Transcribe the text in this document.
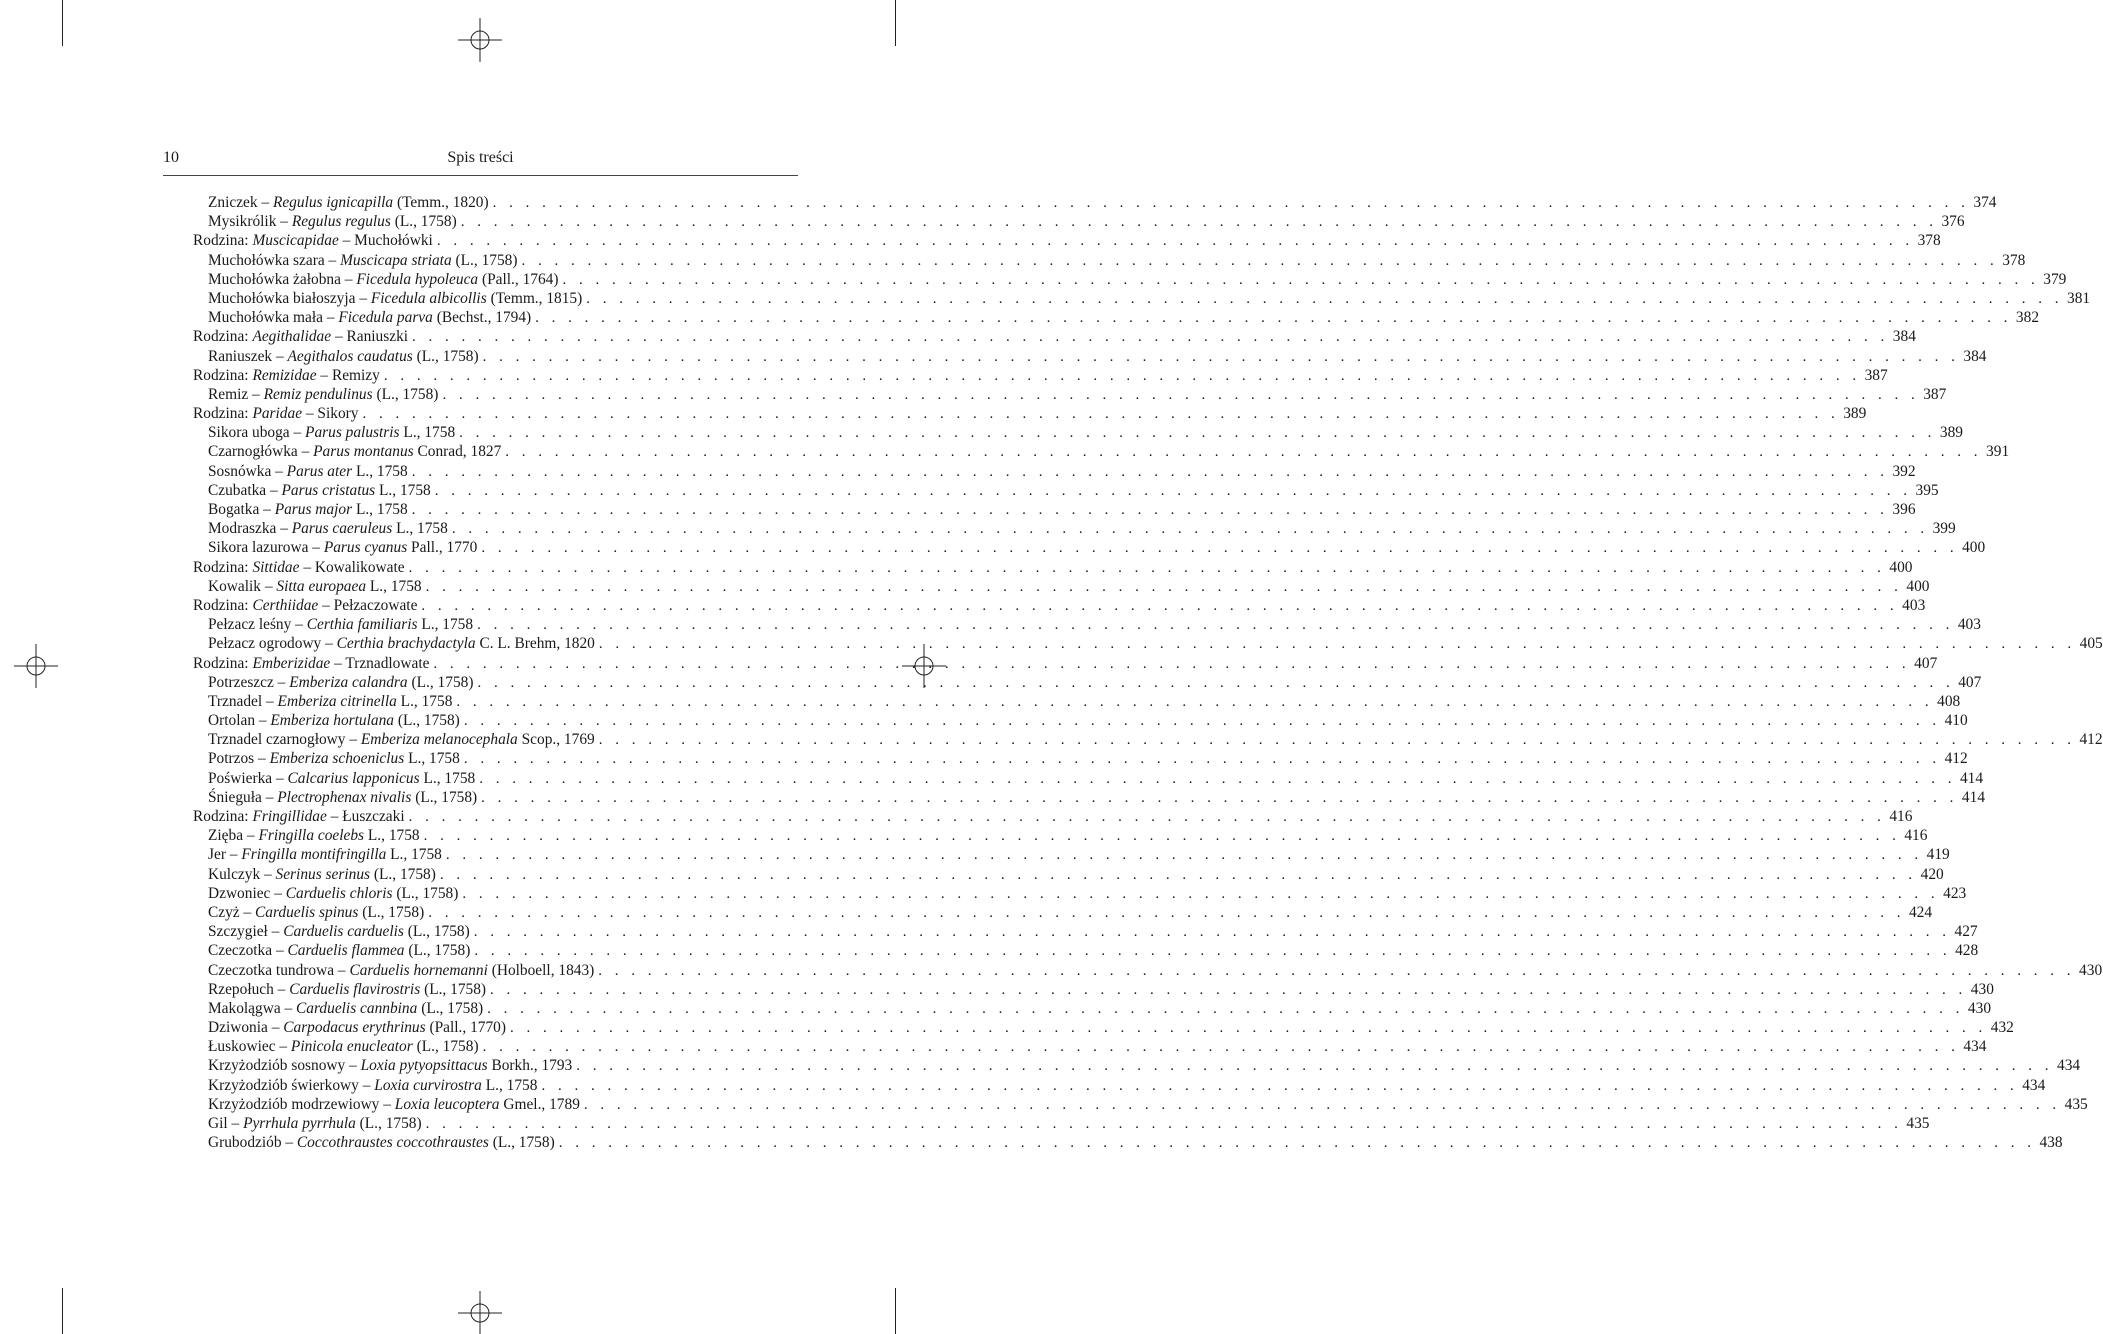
10	Spis treści
Zniczek – Regulus ignicapilla (Temm., 1820) . . . . . . . . . . . . . . . . . . . . . . . . . . . . . . . . . . . . . . . . . . . . . . . . . . . . . . . . . . . . . . . . . . . . . . . . . . . . . . . . . . . . . . . . . . 374
Mysikrólik – Regulus regulus (L., 1758) . . . . . . . . . . . . . . . . . . . . . . . . . . . . . . . . . . . . . . . . . . . . . . . . . . . . . . . . . . . . . . . . . . . . . . . . . . . . . . . . . . . . . . . . . . 376
Rodzina: Muscicapidae – Muchołówki . . . . . . . . . . . . . . . . . . . . . . . . . . . . . . . . . . . . . . . . . . . . . . . . . . . . . . . . . . . . . . . . . . . . . . . . . . . . . . . . . . . . . . . . . . 378
Muchołówka szara – Muscicapa striata (L., 1758) . . . . . . . . . . . . . . . . . . . . . . . . . . . . . . . . . . . . . . . . . . . . . . . . . . . . . . . . . . . . . . . . . . . . . . . . . . . . . . . . . . . . . . . . . . 378
Muchołówka żałobna – Ficedula hypoleuca (Pall., 1764) . . . . . . . . . . . . . . . . . . . . . . . . . . . . . . . . . . . . . . . . . . . . . . . . . . . . . . . . . . . . . . . . . . . . . . . . . . . . . . . . . . . . . . . . . . 379
Muchołówka białoszyja – Ficedula albicollis (Temm., 1815) . . . . . . . . . . . . . . . . . . . . . . . . . . . . . . . . . . . . . . . . . . . . . . . . . . . . . . . . . . . . . . . . . . . . . . . . . . . . . . . . . . . . . . . . . . 381
Muchołówka mała – Ficedula parva (Bechst., 1794) . . . . . . . . . . . . . . . . . . . . . . . . . . . . . . . . . . . . . . . . . . . . . . . . . . . . . . . . . . . . . . . . . . . . . . . . . . . . . . . . . . . . . . . . . . 382
Rodzina: Aegithalidae – Raniuszki . . . . . . . . . . . . . . . . . . . . . . . . . . . . . . . . . . . . . . . . . . . . . . . . . . . . . . . . . . . . . . . . . . . . . . . . . . . . . . . . . . . . . . . . . . 384
Raniuszek – Aegithalos caudatus (L., 1758) . . . . . . . . . . . . . . . . . . . . . . . . . . . . . . . . . . . . . . . . . . . . . . . . . . . . . . . . . . . . . . . . . . . . . . . . . . . . . . . . . . . . . . . . . . 384
Rodzina: Remizidae – Remizy . . . . . . . . . . . . . . . . . . . . . . . . . . . . . . . . . . . . . . . . . . . . . . . . . . . . . . . . . . . . . . . . . . . . . . . . . . . . . . . . . . . . . . . . . . 387
Remiz – Remiz pendulinus (L., 1758) . . . . . . . . . . . . . . . . . . . . . . . . . . . . . . . . . . . . . . . . . . . . . . . . . . . . . . . . . . . . . . . . . . . . . . . . . . . . . . . . . . . . . . . . . . 387
Rodzina: Paridae – Sikory . . . . . . . . . . . . . . . . . . . . . . . . . . . . . . . . . . . . . . . . . . . . . . . . . . . . . . . . . . . . . . . . . . . . . . . . . . . . . . . . . . . . . . . . . . 389
Sikora uboga – Parus palustris L., 1758 . . . . . . . . . . . . . . . . . . . . . . . . . . . . . . . . . . . . . . . . . . . . . . . . . . . . . . . . . . . . . . . . . . . . . . . . . . . . . . . . . . . . . . . . . . 389
Czarnogłówka – Parus montanus Conrad, 1827 . . . . . . . . . . . . . . . . . . . . . . . . . . . . . . . . . . . . . . . . . . . . . . . . . . . . . . . . . . . . . . . . . . . . . . . . . . . . . . . . . . . . . . . . . . 391
Sosnówka – Parus ater L., 1758 . . . . . . . . . . . . . . . . . . . . . . . . . . . . . . . . . . . . . . . . . . . . . . . . . . . . . . . . . . . . . . . . . . . . . . . . . . . . . . . . . . . . . . . . . . 392
Czubatka – Parus cristatus L., 1758 . . . . . . . . . . . . . . . . . . . . . . . . . . . . . . . . . . . . . . . . . . . . . . . . . . . . . . . . . . . . . . . . . . . . . . . . . . . . . . . . . . . . . . . . . . 395
Bogatka – Parus major L., 1758 . . . . . . . . . . . . . . . . . . . . . . . . . . . . . . . . . . . . . . . . . . . . . . . . . . . . . . . . . . . . . . . . . . . . . . . . . . . . . . . . . . . . . . . . . . 396
Modraszka – Parus caeruleus L., 1758 . . . . . . . . . . . . . . . . . . . . . . . . . . . . . . . . . . . . . . . . . . . . . . . . . . . . . . . . . . . . . . . . . . . . . . . . . . . . . . . . . . . . . . . . . . 399
Sikora lazurowa – Parus cyanus Pall., 1770 . . . . . . . . . . . . . . . . . . . . . . . . . . . . . . . . . . . . . . . . . . . . . . . . . . . . . . . . . . . . . . . . . . . . . . . . . . . . . . . . . . . . . . . . . . 400
Rodzina: Sittidae – Kowalikowate . . . . . . . . . . . . . . . . . . . . . . . . . . . . . . . . . . . . . . . . . . . . . . . . . . . . . . . . . . . . . . . . . . . . . . . . . . . . . . . . . . . . . . . . . . 400
Kowalik – Sitta europaea L., 1758 . . . . . . . . . . . . . . . . . . . . . . . . . . . . . . . . . . . . . . . . . . . . . . . . . . . . . . . . . . . . . . . . . . . . . . . . . . . . . . . . . . . . . . . . . . 400
Rodzina: Certhiidae – Pełzaczowate . . . . . . . . . . . . . . . . . . . . . . . . . . . . . . . . . . . . . . . . . . . . . . . . . . . . . . . . . . . . . . . . . . . . . . . . . . . . . . . . . . . . . . . . . . 403
Pełzacz leśny – Certhia familiaris L., 1758 . . . . . . . . . . . . . . . . . . . . . . . . . . . . . . . . . . . . . . . . . . . . . . . . . . . . . . . . . . . . . . . . . . . . . . . . . . . . . . . . . . . . . . . . . . 403
Pełzacz ogrodowy – Certhia brachydactyla C. L. Brehm, 1820 . . . . . . . . . . . . . . . . . . . . . . . . . . . . . . . . . . . . . . . . . . . . . . . . . . . . . . . . . . . . . . . . . . . . . . . . . . . . . . . . . . . . . . . . . . 405
Rodzina: Emberizidae – Trznadlowate . . . . . . . . . . . . . . . . . . . . . . . . . . . . . . . . . . . . . . . . . . . . . . . . . . . . . . . . . . . . . . . . . . . . . . . . . . . . . . . . . . . . . . . . . . 407
Potrzeszcz – Emberiza calandra (L., 1758) . . . . . . . . . . . . . . . . . . . . . . . . . . . . . . . . . . . . . . . . . . . . . . . . . . . . . . . . . . . . . . . . . . . . . . . . . . . . . . . . . . . . . . . . . . 407
Trznadel – Emberiza citrinella L., 1758 . . . . . . . . . . . . . . . . . . . . . . . . . . . . . . . . . . . . . . . . . . . . . . . . . . . . . . . . . . . . . . . . . . . . . . . . . . . . . . . . . . . . . . . . . . 408
Ortolan – Emberiza hortulana (L., 1758) . . . . . . . . . . . . . . . . . . . . . . . . . . . . . . . . . . . . . . . . . . . . . . . . . . . . . . . . . . . . . . . . . . . . . . . . . . . . . . . . . . . . . . . . . . 410
Trznadel czarnogłowy – Emberiza melanocephala Scop., 1769 . . . . . . . . . . . . . . . . . . . . . . . . . . . . . . . . . . . . . . . . . . . . . . . . . . . . . . . . . . . . . . . . . . . . . . . . . . . . . . . . . . . . . . . . . . 412
Potrzos – Emberiza schoeniclus L., 1758 . . . . . . . . . . . . . . . . . . . . . . . . . . . . . . . . . . . . . . . . . . . . . . . . . . . . . . . . . . . . . . . . . . . . . . . . . . . . . . . . . . . . . . . . . . 412
Poświerka – Calcarius lapponicus L., 1758 . . . . . . . . . . . . . . . . . . . . . . . . . . . . . . . . . . . . . . . . . . . . . . . . . . . . . . . . . . . . . . . . . . . . . . . . . . . . . . . . . . . . . . . . . . 414
Śnieguła – Plectrophenax nivalis (L., 1758) . . . . . . . . . . . . . . . . . . . . . . . . . . . . . . . . . . . . . . . . . . . . . . . . . . . . . . . . . . . . . . . . . . . . . . . . . . . . . . . . . . . . . . . . . . 414
Rodzina: Fringillidae – Łuszczaki . . . . . . . . . . . . . . . . . . . . . . . . . . . . . . . . . . . . . . . . . . . . . . . . . . . . . . . . . . . . . . . . . . . . . . . . . . . . . . . . . . . . . . . . . . 416
Zięba – Fringilla coelebs L., 1758 . . . . . . . . . . . . . . . . . . . . . . . . . . . . . . . . . . . . . . . . . . . . . . . . . . . . . . . . . . . . . . . . . . . . . . . . . . . . . . . . . . . . . . . . . . 416
Jer – Fringilla montifringilla L., 1758 . . . . . . . . . . . . . . . . . . . . . . . . . . . . . . . . . . . . . . . . . . . . . . . . . . . . . . . . . . . . . . . . . . . . . . . . . . . . . . . . . . . . . . . . . . 419
Kulczyk – Serinus serinus (L., 1758) . . . . . . . . . . . . . . . . . . . . . . . . . . . . . . . . . . . . . . . . . . . . . . . . . . . . . . . . . . . . . . . . . . . . . . . . . . . . . . . . . . . . . . . . . . 420
Dzwoniec – Carduelis chloris (L., 1758) . . . . . . . . . . . . . . . . . . . . . . . . . . . . . . . . . . . . . . . . . . . . . . . . . . . . . . . . . . . . . . . . . . . . . . . . . . . . . . . . . . . . . . . . . . 423
Czyż – Carduelis spinus (L., 1758) . . . . . . . . . . . . . . . . . . . . . . . . . . . . . . . . . . . . . . . . . . . . . . . . . . . . . . . . . . . . . . . . . . . . . . . . . . . . . . . . . . . . . . . . . . 424
Szczygieł – Carduelis carduelis (L., 1758) . . . . . . . . . . . . . . . . . . . . . . . . . . . . . . . . . . . . . . . . . . . . . . . . . . . . . . . . . . . . . . . . . . . . . . . . . . . . . . . . . . . . . . . . . . 427
Czeczotka – Carduelis flammea (L., 1758) . . . . . . . . . . . . . . . . . . . . . . . . . . . . . . . . . . . . . . . . . . . . . . . . . . . . . . . . . . . . . . . . . . . . . . . . . . . . . . . . . . . . . . . . . . 428
Czeczotka tundrowa – Carduelis hornemanni (Holboell, 1843) . . . . . . . . . . . . . . . . . . . . . . . . . . . . . . . . . . . . . . . . . . . . . . . . . . . . . . . . . . . . . . . . . . . . . . . . . . . . . . . . . . . . . . . . . . 430
Rzepołuch – Carduelis flavirostris (L., 1758) . . . . . . . . . . . . . . . . . . . . . . . . . . . . . . . . . . . . . . . . . . . . . . . . . . . . . . . . . . . . . . . . . . . . . . . . . . . . . . . . . . . . . . . . . . 430
Makolągwa – Carduelis cannbina (L., 1758) . . . . . . . . . . . . . . . . . . . . . . . . . . . . . . . . . . . . . . . . . . . . . . . . . . . . . . . . . . . . . . . . . . . . . . . . . . . . . . . . . . . . . . . . . . 430
Dziwonia – Carpodacus erythrinus (Pall., 1770) . . . . . . . . . . . . . . . . . . . . . . . . . . . . . . . . . . . . . . . . . . . . . . . . . . . . . . . . . . . . . . . . . . . . . . . . . . . . . . . . . . . . . . . . . . 432
Łuskowiec – Pinicola enucleator (L., 1758) . . . . . . . . . . . . . . . . . . . . . . . . . . . . . . . . . . . . . . . . . . . . . . . . . . . . . . . . . . . . . . . . . . . . . . . . . . . . . . . . . . . . . . . . . . 434
Krzyżodziób sosnowy – Loxia pytyopsittacus Borkh., 1793 . . . . . . . . . . . . . . . . . . . . . . . . . . . . . . . . . . . . . . . . . . . . . . . . . . . . . . . . . . . . . . . . . . . . . . . . . . . . . . . . . . . . . . . . . . 434
Krzyżodziób świerkowy – Loxia curvirostra L., 1758 . . . . . . . . . . . . . . . . . . . . . . . . . . . . . . . . . . . . . . . . . . . . . . . . . . . . . . . . . . . . . . . . . . . . . . . . . . . . . . . . . . . . . . . . . . 434
Krzyżodziób modrzewiowy – Loxia leucoptera Gmel., 1789 . . . . . . . . . . . . . . . . . . . . . . . . . . . . . . . . . . . . . . . . . . . . . . . . . . . . . . . . . . . . . . . . . . . . . . . . . . . . . . . . . . . . . . . . . . 435
Gil – Pyrrhula pyrrhula (L., 1758) . . . . . . . . . . . . . . . . . . . . . . . . . . . . . . . . . . . . . . . . . . . . . . . . . . . . . . . . . . . . . . . . . . . . . . . . . . . . . . . . . . . . . . . . . . 435
Grubodziób – Coccothraustes coccothraustes (L., 1758) . . . . . . . . . . . . . . . . . . . . . . . . . . . . . . . . . . . . . . . . . . . . . . . . . . . . . . . . . . . . . . . . . . . . . . . . . . . . . . . . . . . . . . . . . . 438
